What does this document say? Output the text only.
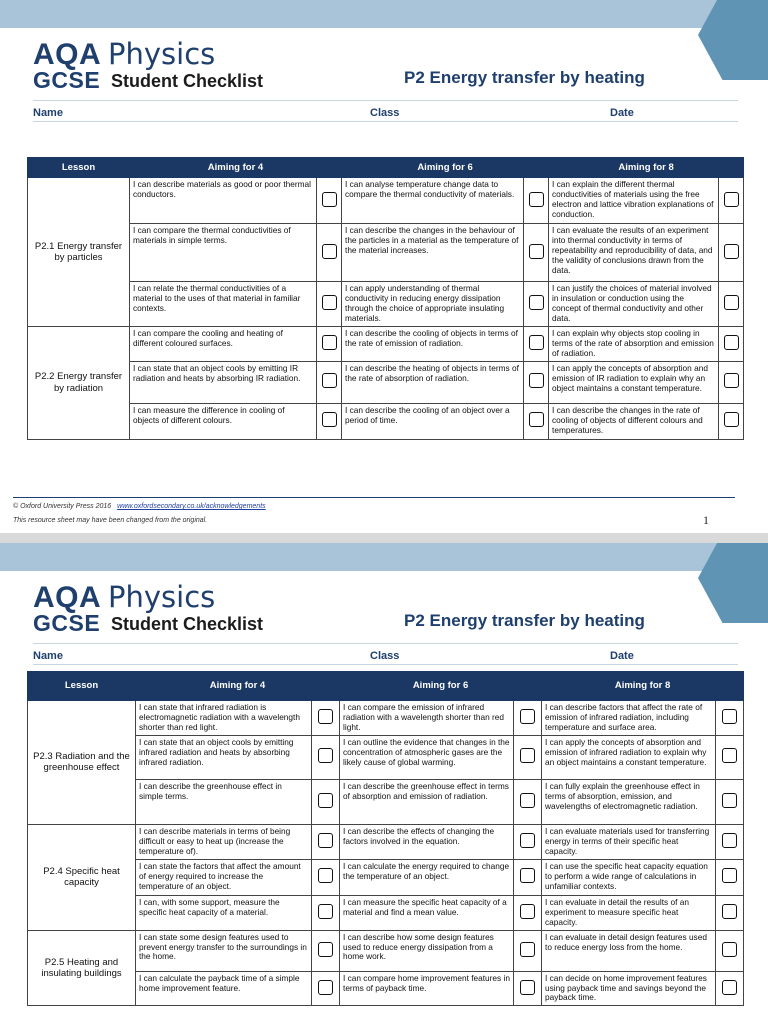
AQA Physics
GCSE Student Checklist	P2 Energy transfer by heating
Name	Class	Date
Lesson	Aiming for 4		Aiming for 6		Aiming for 8	
P2.1 Energy transfer by particles	I can describe materials as good or poor thermal conductors.		I can analyse temperature change data to compare the thermal conductivity of materials.		I can explain the different thermal conductivities of materials using the free electron and lattice vibration explanations of conduction.	
	I can compare the thermal conductivities of materials in simple terms.		I can describe the changes in the behaviour of the particles in a material as the temperature of the material increases.		I can evaluate the results of an experiment into thermal conductivity in terms of repeatability and reproducibility of data, and the validity of conclusions drawn from the data.	
	I can relate the thermal conductivities of a material to the uses of that material in familiar contexts.		I can apply understanding of thermal conductivity in reducing energy dissipation through the choice of appropriate insulating materials.		I can justify the choices of material involved in insulation or conduction using the concept of thermal conductivity and other data.	
P2.2 Energy transfer by radiation	I can compare the cooling and heating of different coloured surfaces.		I can describe the cooling of objects in terms of the rate of emission of radiation.		I can explain why objects stop cooling in terms of the rate of absorption and emission of radiation.	
	I can state that an object cools by emitting IR radiation and heats by absorbing IR radiation.		I can describe the heating of objects in terms of the rate of absorption of radiation.		I can apply the concepts of absorption and emission of IR radiation to explain why an object maintains a constant temperature.	
	I can measure the difference in cooling of objects of different colours.		I can describe the cooling of an object over a period of time.		I can describe the changes in the rate of cooling of objects of different colours and temperatures.	
© Oxford University Press 2016 www.oxfordsecondary.co.uk/acknowledgements
This resource sheet may have been changed from the original.	1
AQA Physics
GCSE Student Checklist	P2 Energy transfer by heating
Name	Class	Date
Lesson	Aiming for 4		Aiming for 6		Aiming for 8	
P2.3 Radiation and the greenhouse effect	I can state that infrared radiation is electromagnetic radiation with a wavelength shorter than red light.		I can compare the emission of infrared radiation with a wavelength shorter than red light.		I can describe factors that affect the rate of emission of infrared radiation, including temperature and surface area.	
	I can state that an object cools by emitting infrared radiation and heats by absorbing infrared radiation.		I can outline the evidence that changes in the concentration of atmospheric gases are the likely cause of global warming.		I can apply the concepts of absorption and emission of infrared radiation to explain why an object maintains a constant temperature.	
	I can describe the greenhouse effect in simple terms.		I can describe the greenhouse effect in terms of absorption and emission of radiation.		I can fully explain the greenhouse effect in terms of absorption, emission, and wavelengths of electromagnetic radiation.	
P2.4 Specific heat capacity	I can describe materials in terms of being difficult or easy to heat up (increase the temperature of).		I can describe the effects of changing the factors involved in the equation.		I can evaluate materials used for transferring energy in terms of their specific heat capacity.	
	I can state the factors that affect the amount of energy required to increase the temperature of an object.		I can calculate the energy required to change the temperature of an object.		I can use the specific heat capacity equation to perform a wide range of calculations in unfamiliar contexts.	
	I can, with some support, measure the specific heat capacity of a material.		I can measure the specific heat capacity of a material and find a mean value.		I can evaluate in detail the results of an experiment to measure specific heat capacity.	
P2.5 Heating and insulating buildings	I can state some design features used to prevent energy transfer to the surroundings in the home.		I can describe how some design features used to reduce energy dissipation from a home work.		I can evaluate in detail design features used to reduce energy loss from the home.	
	I can calculate the payback time of a simple home improvement feature.		I can compare home improvement features in terms of payback time.		I can decide on home improvement features using payback time and savings beyond the payback time.	
